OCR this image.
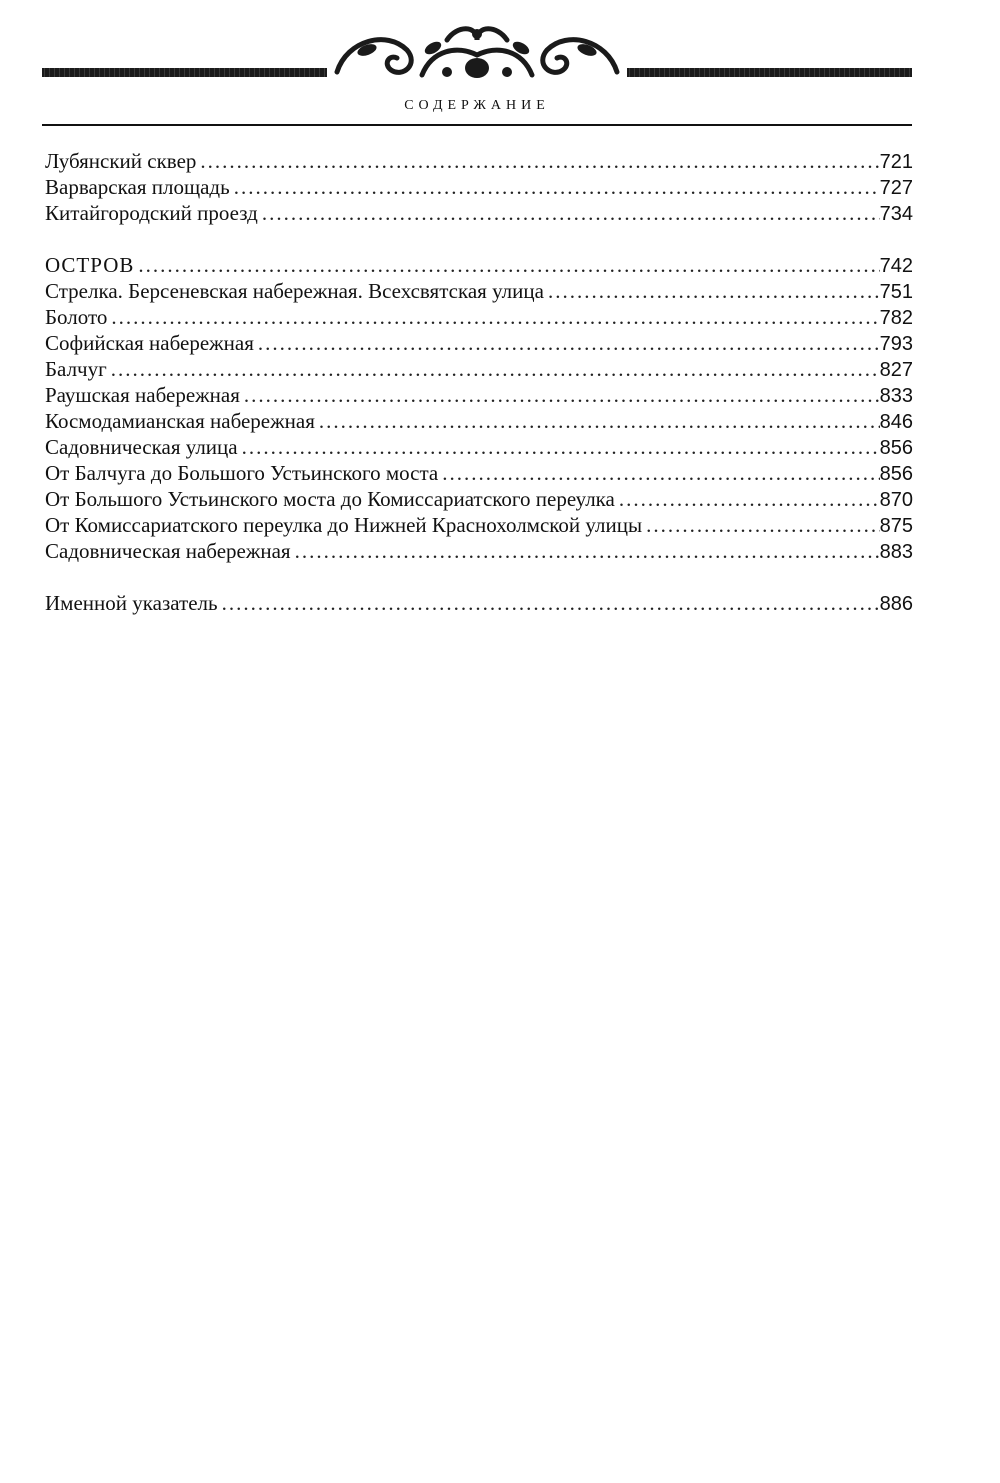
СОДЕРЖАНИЕ
Лубянский сквер .....	721
Варварская площадь .....	727
Китайгородский проезд .....	734
ОСТРОВ .....	742
Стрелка. Берсеневская набережная. Всехсвятская улица .....	751
Болото .....	782
Софийская набережная .....	793
Балчуг .....	827
Раушская набережная .....	833
Космодамианская набережная .....	846
Садовническая улица .....	856
От Балчуга до Большого Устьинского моста .....	856
От Большого Устьинского моста до Комиссариатского переулка .....	870
От Комиссариатского переулка до Нижней Краснохолмской улицы .....	875
Садовническая набережная .....	883
Именной указатель .....	886
